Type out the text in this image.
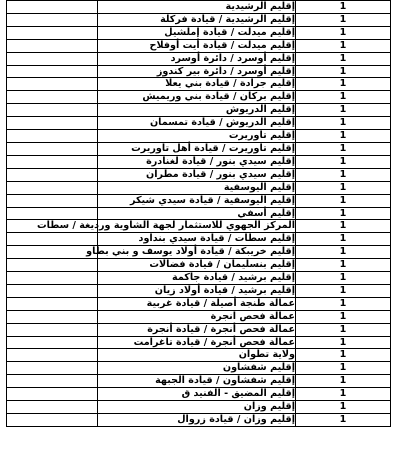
	إقليم الرشيدية	1
	إقليم الرشيدية / قيادة فركلة	1
	إقليم ميدلت / قيادة إملشيل	1
	إقليم ميدلت / قيادة أيت أوفلاح	1
	إقليم أوسرد / دائرة أوسرد	1
	إقليم أوسرد / دائرة بير كندوز	1
	إقليم جرادة / قيادة بني يعلا	1
	إقليم بركان / قيادة بني وريميش	1
	إقليم الدريوش	1
	إقليم الدريوش / قيادة تمسمان	1
	إقليم تاوريرت	1
	إقليم تاوريرت / قيادة أهل تاوريرت	1
	إقليم سيدي بنور / قيادة لغنادرة	1
	إقليم سيدي بنور / قيادة مطران	1
	إقليم اليوسفية	1
	إقليم اليوسفية / قيادة سيدي شيكر	1
	إقليم أسفي	1
	المركز الجهوي للاستثمار لجهة الشاوية ورديغة / سطات	1
	إقليم سطات / قيادة سيدي بنداود	1
	إقليم خريبكة / قيادة أولاد يوسف و بني بطاو	1
	إقليم بنسليمان / قيادة فضالات	1
	إقليم برشيد / قيادة جاكمة	1
	إقليم برشيد / قيادة أولاد زيان	1
	عمالة طنجة أصيلة / قيادة غربية	1
	عمالة فحص انجرة	1
	عمالة فحص أنجرة / قيادة أنجرة	1
	عمالة فحص أنجرة / قيادة تاغرامت	1
	ولاية تطوان	1
	إقليم شفشاون	1
	إقليم شفشاون / قيادة الجبهة	1
	إقليم المضيق - الفنيد ق	1
	إقليم وزان	1
	إقليم وزان / قيادة زروال	1
